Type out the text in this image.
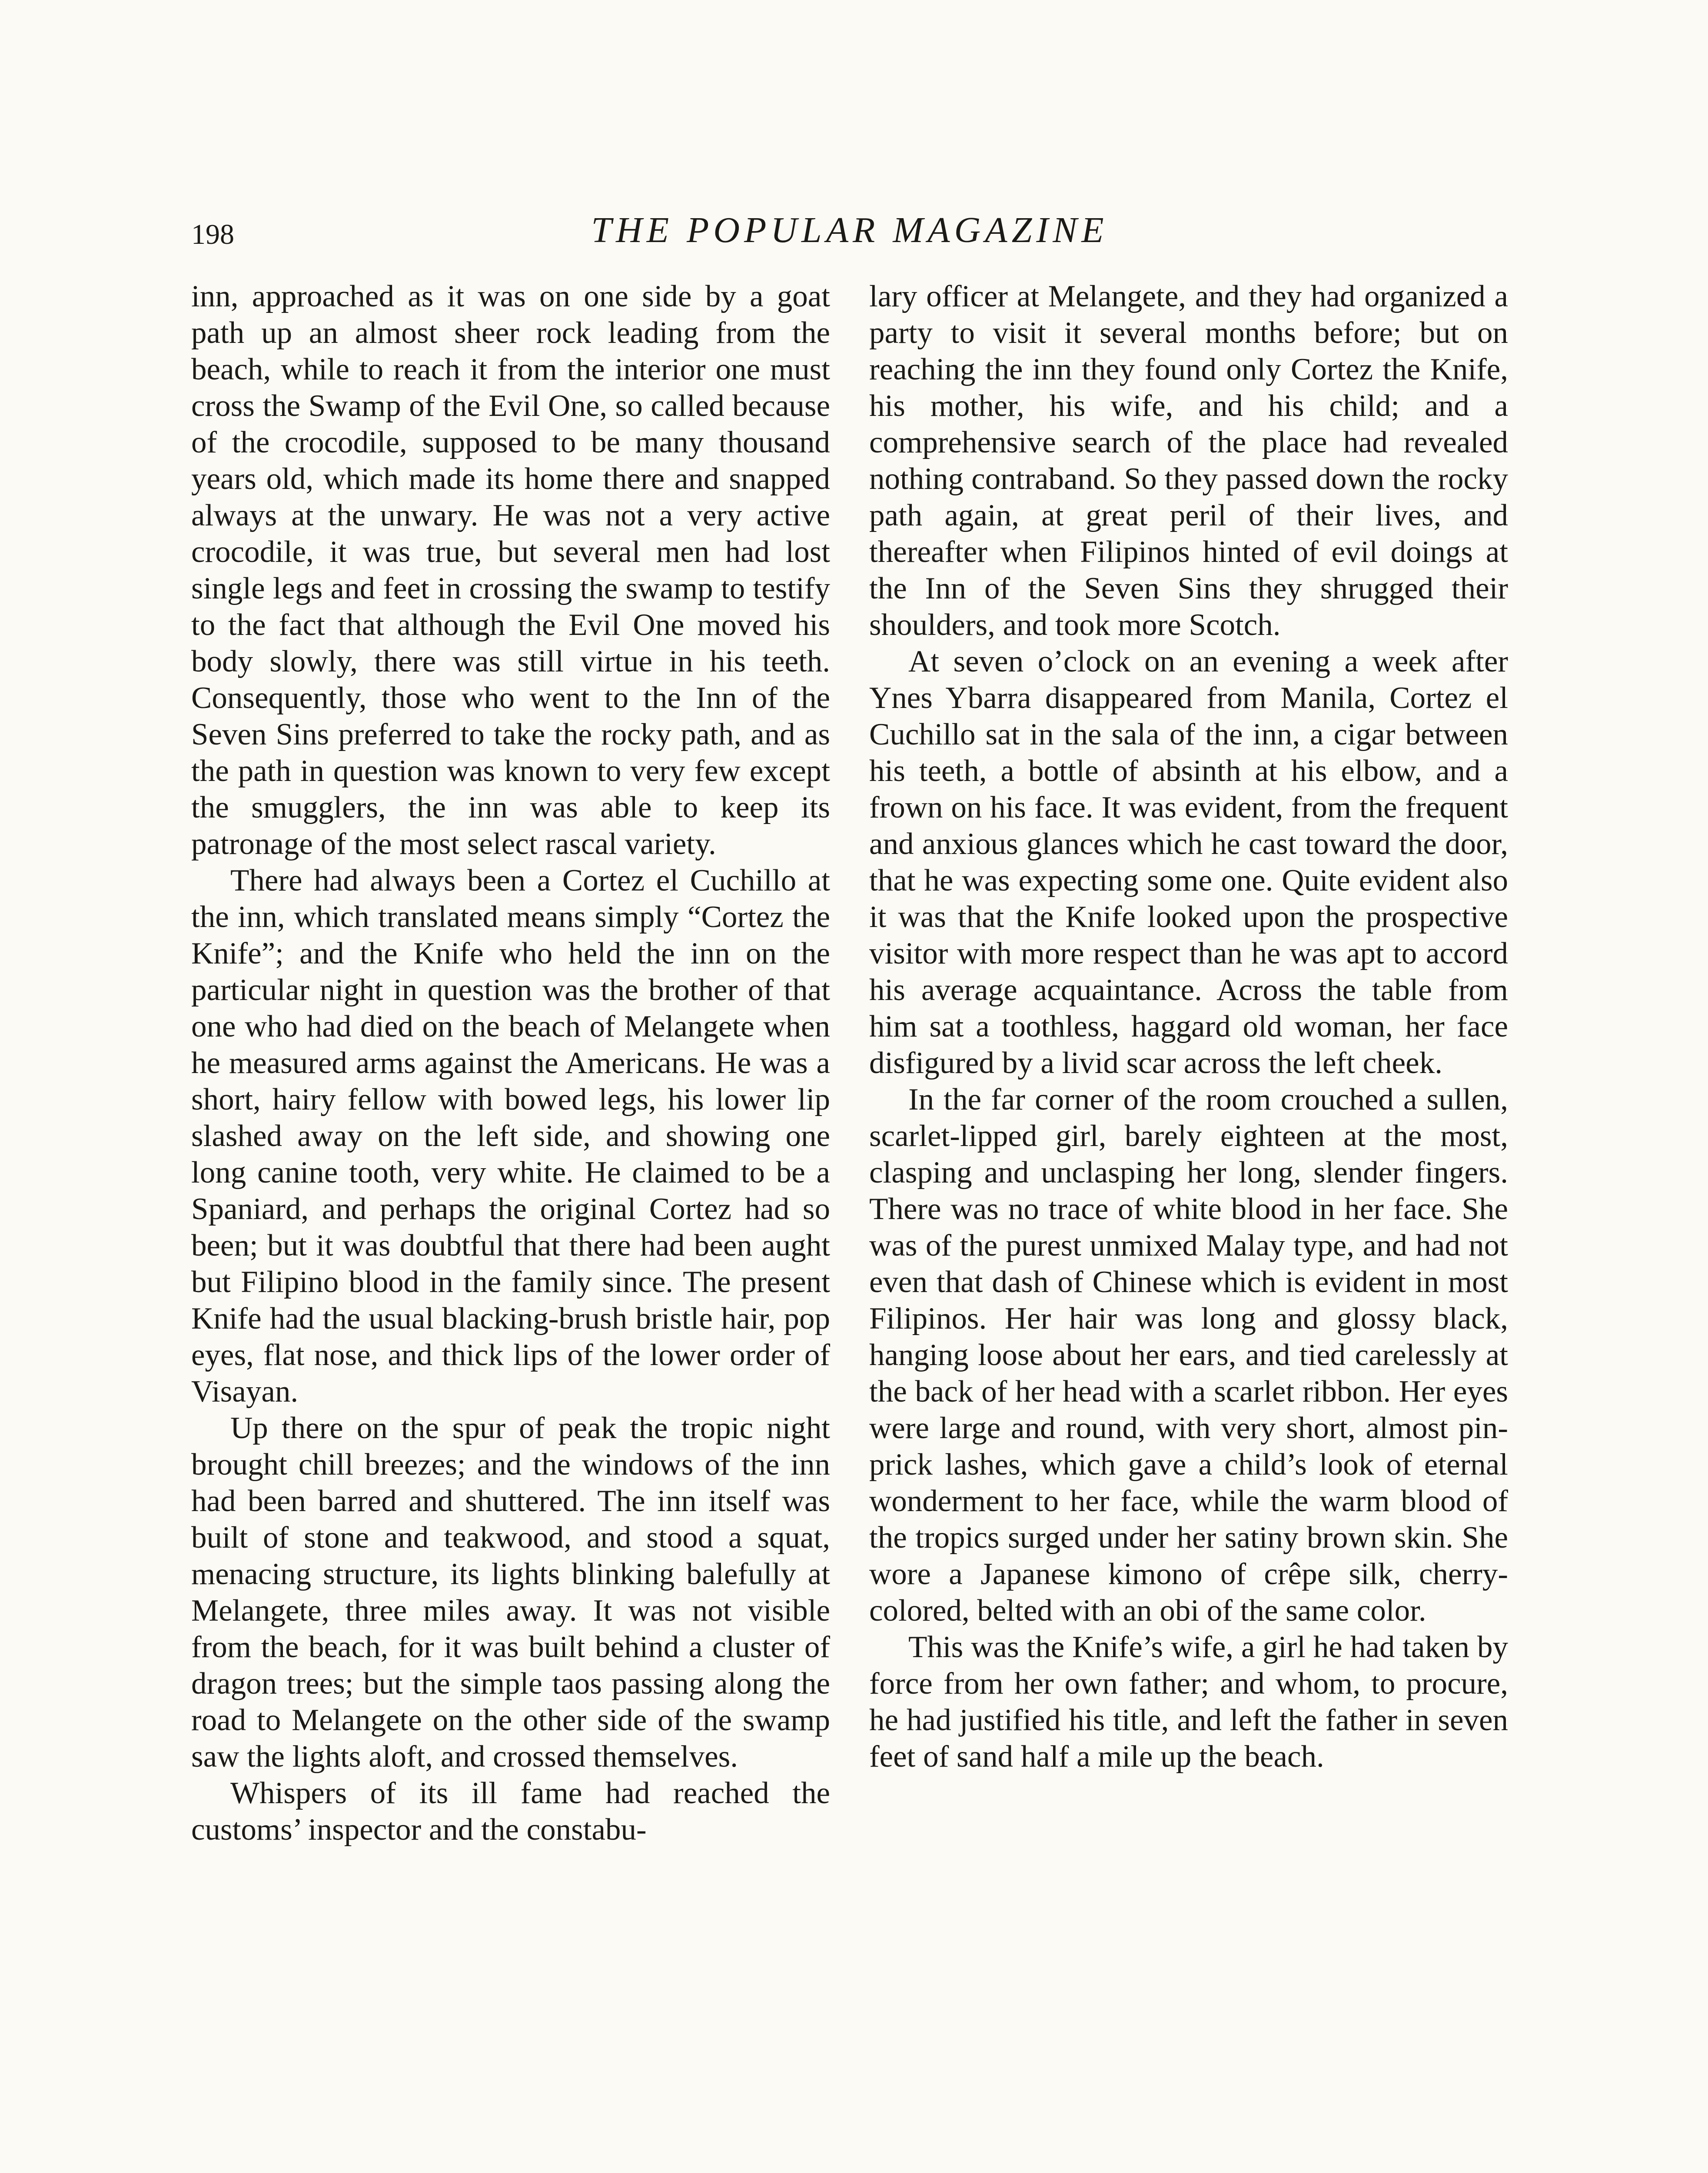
198	THE POPULAR MAGAZINE

inn, approached as it was on one side by a goat path up an almost sheer rock leading from the beach, while to reach it from the interior one must cross the Swamp of the Evil One, so called because of the crocodile, supposed to be many thousand years old, which made its home there and snapped always at the unwary. He was not a very active crocodile, it was true, but several men had lost single legs and feet in crossing the swamp to testify to the fact that although the Evil One moved his body slowly, there was still virtue in his teeth. Consequently, those who went to the Inn of the Seven Sins preferred to take the rocky path, and as the path in question was known to very few except the smugglers, the inn was able to keep its patronage of the most select rascal variety.

There had always been a Cortez el Cuchillo at the inn, which translated means simply “Cortez the Knife”; and the Knife who held the inn on the particular night in question was the brother of that one who had died on the beach of Melangete when he measured arms against the Americans. He was a short, hairy fellow with bowed legs, his lower lip slashed away on the left side, and showing one long canine tooth, very white. He claimed to be a Spaniard, and perhaps the original Cortez had so been; but it was doubtful that there had been aught but Filipino blood in the family since. The present Knife had the usual blacking-brush bristle hair, pop eyes, flat nose, and thick lips of the lower order of Visayan.

Up there on the spur of peak the tropic night brought chill breezes; and the windows of the inn had been barred and shuttered. The inn itself was built of stone and teakwood, and stood a squat, menacing structure, its lights blinking balefully at Melangete, three miles away. It was not visible from the beach, for it was built behind a cluster of dragon trees; but the simple taos passing along the road to Melangete on the other side of the swamp saw the lights aloft, and crossed themselves.

Whispers of its ill fame had reached the customs’ inspector and the constabu-

lary officer at Melangete, and they had organized a party to visit it several months before; but on reaching the inn they found only Cortez the Knife, his mother, his wife, and his child; and a comprehensive search of the place had revealed nothing contraband. So they passed down the rocky path again, at great peril of their lives, and thereafter when Filipinos hinted of evil doings at the Inn of the Seven Sins they shrugged their shoulders, and took more Scotch.

At seven o’clock on an evening a week after Ynes Ybarra disappeared from Manila, Cortez el Cuchillo sat in the sala of the inn, a cigar between his teeth, a bottle of absinth at his elbow, and a frown on his face. It was evident, from the frequent and anxious glances which he cast toward the door, that he was expecting some one. Quite evident also it was that the Knife looked upon the prospective visitor with more respect than he was apt to accord his average acquaintance. Across the table from him sat a toothless, haggard old woman, her face disfigured by a livid scar across the left cheek.

In the far corner of the room crouched a sullen, scarlet-lipped girl, barely eighteen at the most, clasping and unclasping her long, slender fingers. There was no trace of white blood in her face. She was of the purest unmixed Malay type, and had not even that dash of Chinese which is evident in most Filipinos. Her hair was long and glossy black, hanging loose about her ears, and tied carelessly at the back of her head with a scarlet ribbon. Her eyes were large and round, with very short, almost pin-prick lashes, which gave a child’s look of eternal wonderment to her face, while the warm blood of the tropics surged under her satiny brown skin. She wore a Japanese kimono of crêpe silk, cherry-colored, belted with an obi of the same color.

This was the Knife’s wife, a girl he had taken by force from her own father; and whom, to procure, he had justified his title, and left the father in seven feet of sand half a mile up the beach.
